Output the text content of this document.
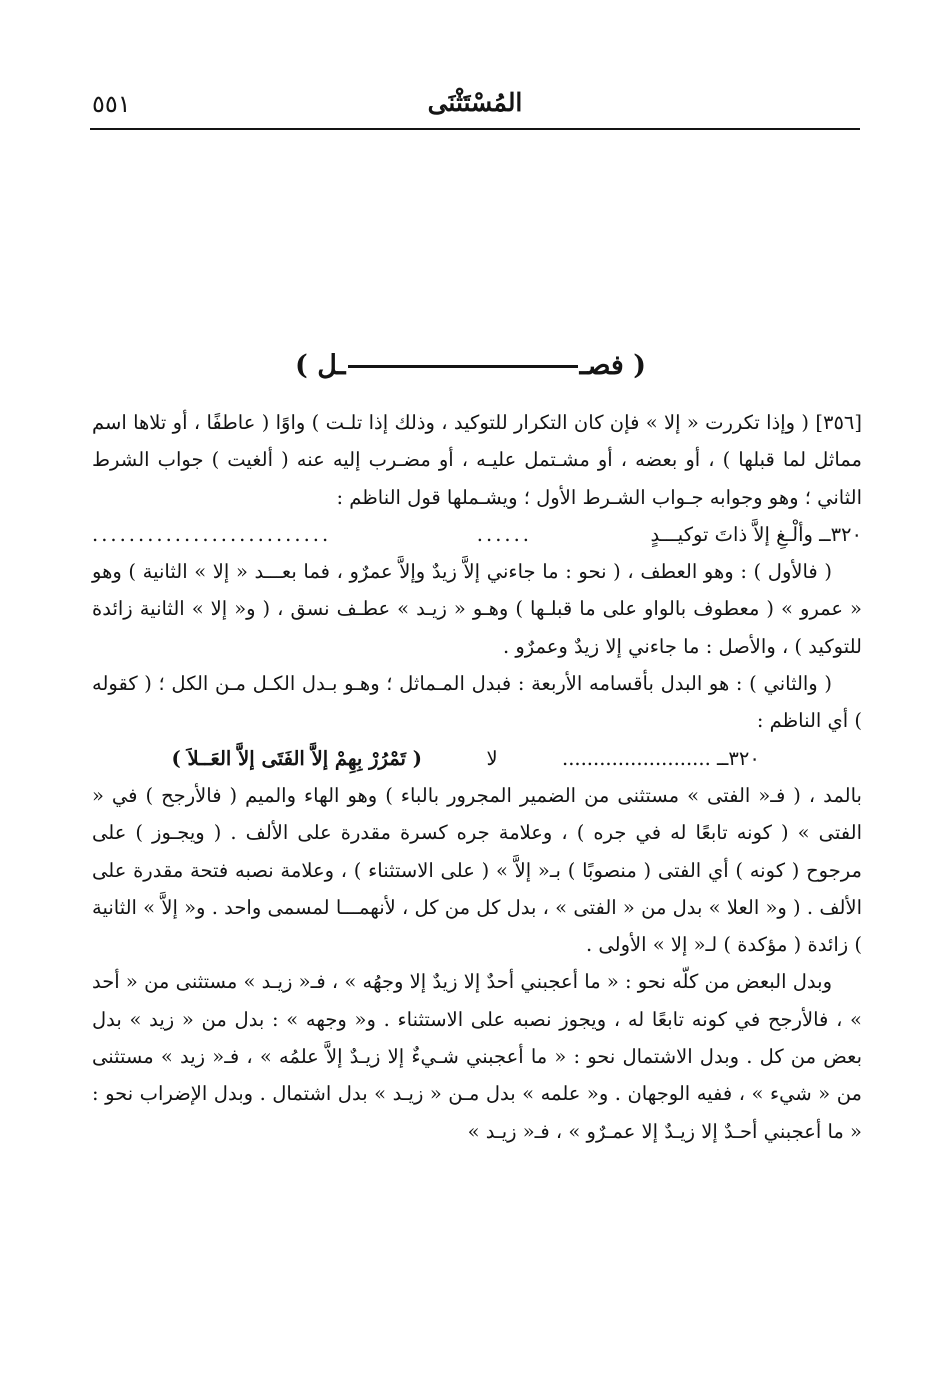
المُسْتَثْنَى
٥٥١
( فصــل )

[٣٥٦] ( وإذا تكررت « إلا » فإن كان التكرار للتوكيد ، وذلك إذا تلـت ) واوًا ( عاطفًا ، أو تلاها اسم مماثل لما قبلها ) ، أو بعضه ، أو مشـتمل عليـه ، أو مضـرب إليه عنه ( ألغيت ) جواب الشرط الثاني ؛ وهو وجوابه جـواب الشـرط الأول ؛ ويشـملها قول الناظم :

٣٢٠ــ وألْـغِ إلاَّ ذاتَ توكيـــدٍ
......
..........................

( فالأول ) : وهو العطف ، ( نحو : ما جاءني إلاَّ زيدٌ وإلاَّ عمرٌو ، فما بعـــد « إلا » الثانية ) وهو « عمرو » ( معطوف بالواو على ما قبلـها ) وهـو « زيـد » عطـف نسق ، ( و« إلا » الثانية زائدة للتوكيد ) ، والأصل : ما جاءني إلا زيدٌ وعمرٌو .

( والثاني ) : هو البدل بأقسامه الأربعة : فبدل المـماثل ؛ وهـو بـدل الكـل مـن الكل ؛ ( كقوله ) أي الناظم :

٣٢٠ــ ........................
لا
( تَمْرُرْ بِهِمْ إلاَّ الفَتَى إلاَّ العَــلاَ )

بالمد ، ( فـ« الفتى » مستثنى من الضمير المجرور بالباء ) وهو الهاء والميم ( فالأرجح ) في « الفتى » ( كونه تابعًا له في جره ) ، وعلامة جره كسرة مقدرة على الألف . ( ويجـوز ) على مرجوح ( كونه ) أي الفتى ( منصوبًا ) بـ« إلاَّ » ( على الاستثناء ) ، وعلامة نصبه فتحة مقدرة على الألف . ( و« العلا » بدل من « الفتى » ، بدل كل من كل ، لأنهمـــا لمسمى واحد . و« إلاَّ » الثانية ) زائدة ( مؤكدة ) لـ« إلا » الأولى .

وبدل البعض من كلّه نحو : « ما أعجبني أحدٌ إلا زيدٌ إلا وجهُه » ، فـ« زيـد » مستثنى من « أحد » ، فالأرجح في كونه تابعًا له ، ويجوز نصبه على الاستثناء . و« وجهه » : بدل من « زيد » بدل بعض من كل . وبدل الاشتمال نحو : « ما أعجبني شـيءٌ إلا زيـدٌ إلاَّ علمُه » ، فـ« زيد » مستثنى من « شيء » ، ففيه الوجهان . و« علمه » بدل مـن « زيـد » بدل اشتمال . وبدل الإضراب نحو : « ما أعجبني أحـدٌ إلا زيـدٌ إلا عمـرٌو » ، فـ« زيـد »
